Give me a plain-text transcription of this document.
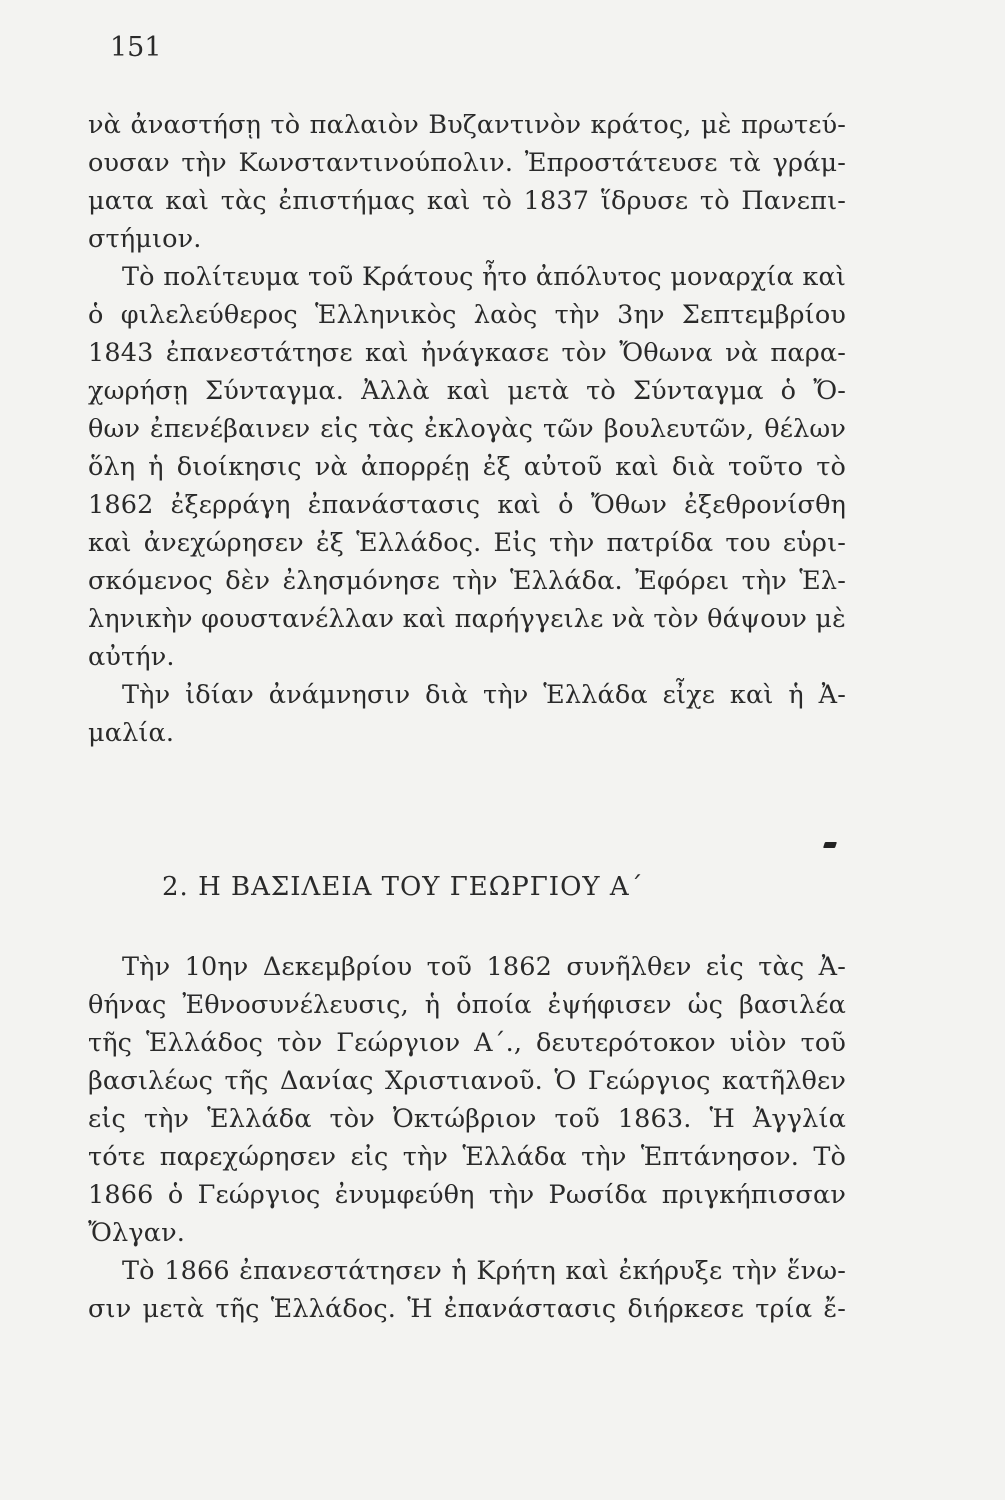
151
νὰ ἀναστήσῃ τὸ παλαιὸν Βυζαντινὸν κράτος, μὲ πρωτεύ-
ουσαν τὴν Κωνσταντινούπολιν. Ἐπροστάτευσε τὰ γράμ-
ματα καὶ τὰς ἐπιστήμας καὶ τὸ 1837 ἵδρυσε τὸ Πανεπι-
στήμιον.
Τὸ πολίτευμα τοῦ Κράτους ἦτο ἀπόλυτος μοναρχία καὶ
ὁ φιλελεύθερος Ἑλληνικὸς λαὸς τὴν 3ην Σεπτεμβρίου
1843 ἐπανεστάτησε καὶ ἠνάγκασε τὸν Ὄθωνα νὰ παρα-
χωρήσῃ Σύνταγμα. Ἀλλὰ καὶ μετὰ τὸ Σύνταγμα ὁ Ὄ-
θων ἐπενέβαινεν εἰς τὰς ἐκλογὰς τῶν βουλευτῶν, θέλων
ὅλη ἡ διοίκησις νὰ ἀπορρέῃ ἐξ αὐτοῦ καὶ διὰ τοῦτο τὸ
1862 ἐξερράγη ἐπανάστασις καὶ ὁ Ὄθων ἐξεθρονίσθη
καὶ ἀνεχώρησεν ἐξ Ἑλλάδος. Εἰς τὴν πατρίδα του εὑρι-
σκόμενος δὲν ἐλησμόνησε τὴν Ἑλλάδα. Ἐφόρει τὴν Ἑλ-
ληνικὴν φουστανέλλαν καὶ παρήγγειλε νὰ τὸν θάψουν μὲ
αὐτήν.
Τὴν ἰδίαν ἀνάμνησιν διὰ τὴν Ἑλλάδα εἶχε καὶ ἡ Ἀ-
μαλία.
2. Η ΒΑΣΙΛΕΙΑ ΤΟΥ ΓΕΩΡΓΙΟΥ Α΄
Τὴν 10ην Δεκεμβρίου τοῦ 1862 συνῆλθεν εἰς τὰς Ἀ-
θήνας Ἐθνοσυνέλευσις, ἡ ὁποία ἐψήφισεν ὡς βασιλέα
τῆς Ἑλλάδος τὸν Γεώργιον Α΄., δευτερότοκον υἱὸν τοῦ
βασιλέως τῆς Δανίας Χριστιανοῦ. Ὁ Γεώργιος κατῆλθεν
εἰς τὴν Ἑλλάδα τὸν Ὀκτώβριον τοῦ 1863. Ἡ Ἀγγλία
τότε παρεχώρησεν εἰς τὴν Ἑλλάδα τὴν Ἑπτάνησον. Τὸ
1866 ὁ Γεώργιος ἐνυμφεύθη τὴν Ρωσίδα πριγκήπισσαν
Ὄλγαν.
Τὸ 1866 ἐπανεστάτησεν ἡ Κρήτη καὶ ἐκήρυξε τὴν ἕνω-
σιν μετὰ τῆς Ἑλλάδος. Ἡ ἐπανάστασις διήρκεσε τρία ἔ-
